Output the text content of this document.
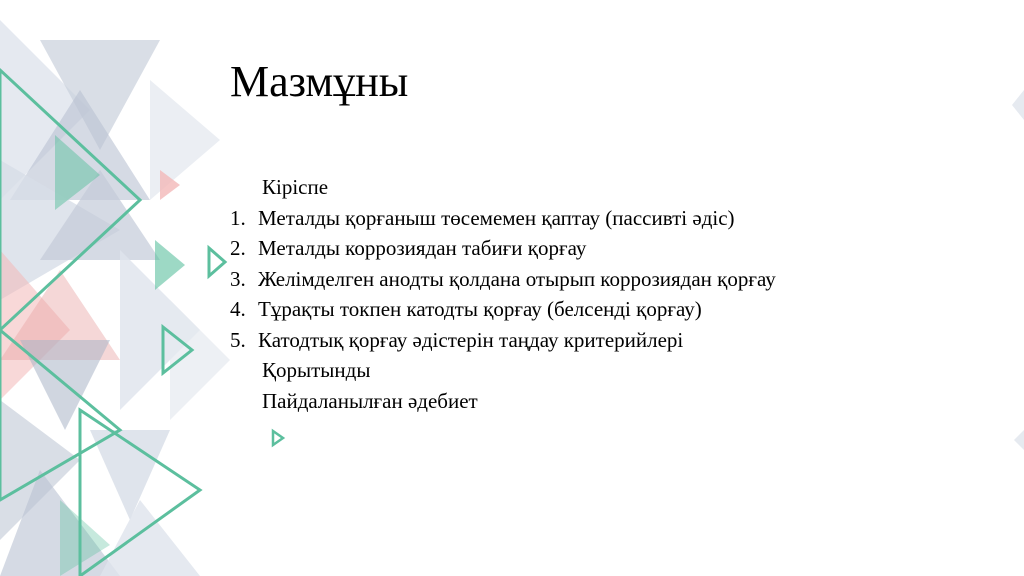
Мазмұны
Кіріспе
1. Металды қорғаныш төсемемен қаптау (пассивті әдіс)
2. Металды коррозиядан табиғи қорғау
3. Желімделген анодты қолдана отырып коррозиядан қорғау
4. Тұрақты токпен катодты қорғау (белсенді қорғау)
5. Катодтық қорғау әдістерін таңдау критерийлері
Қорытынды
Пайдаланылған әдебиет
